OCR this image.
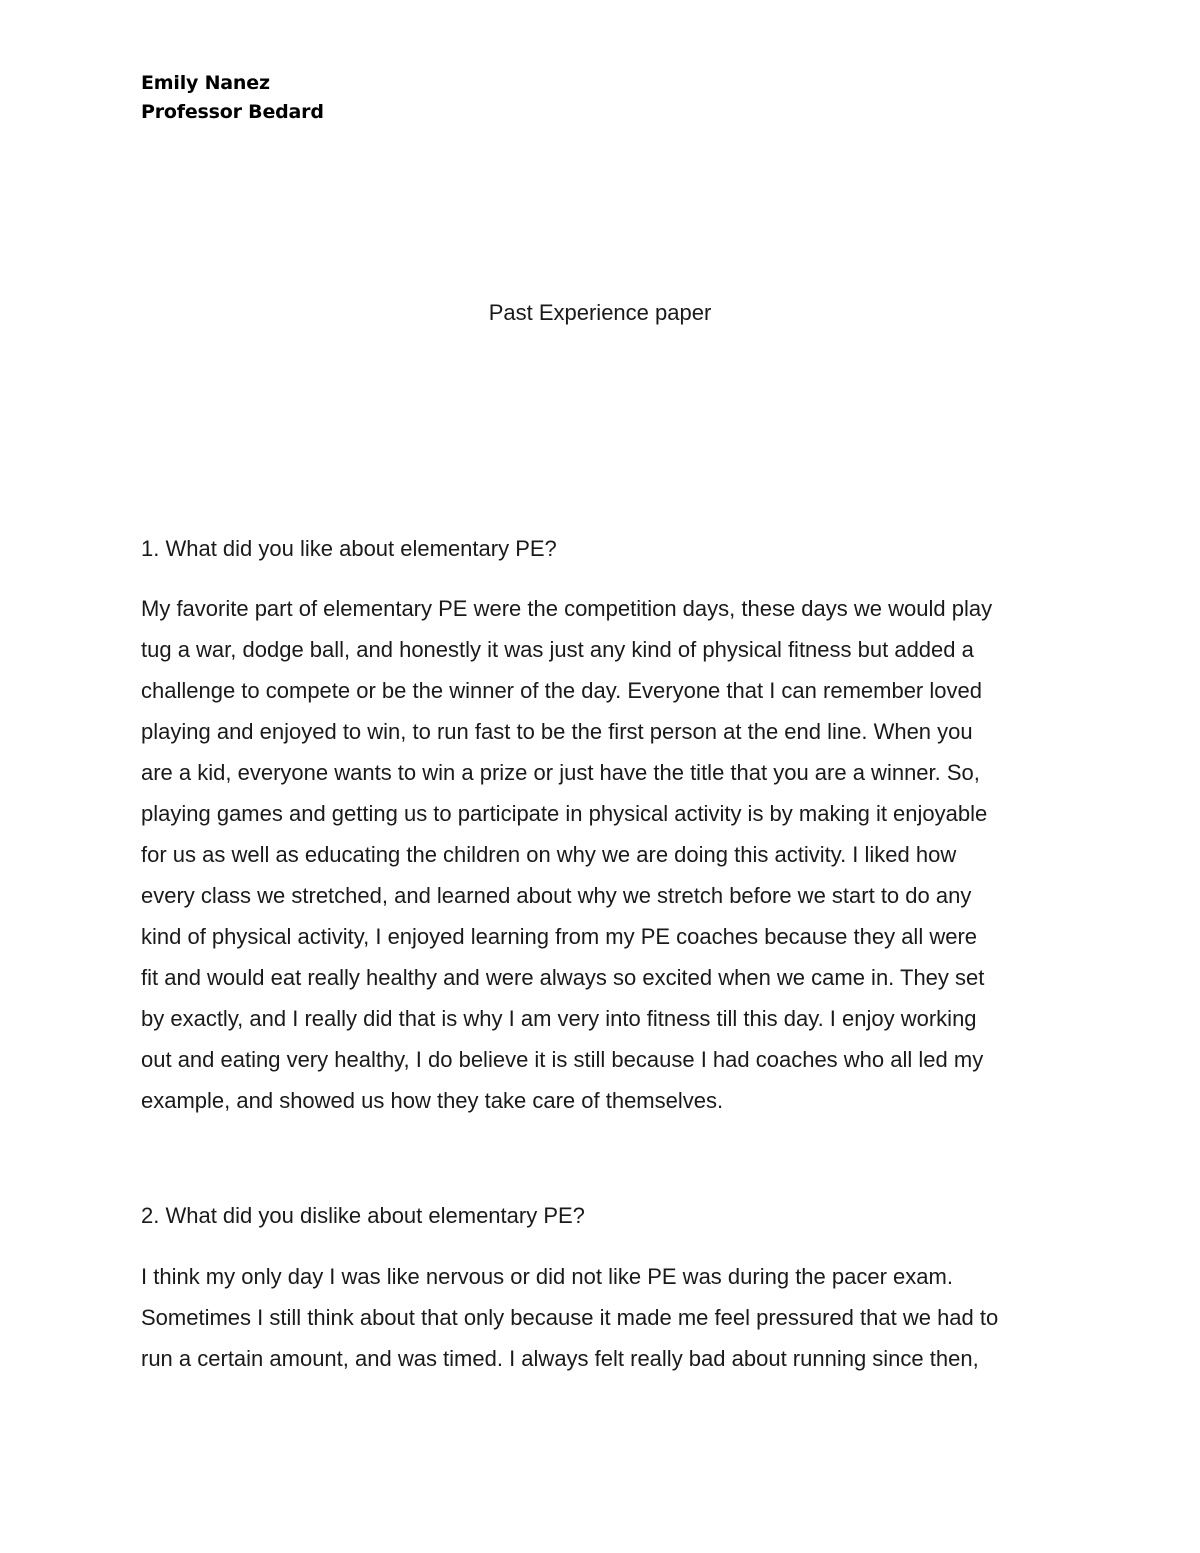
Emily Nanez
Professor Bedard
Past Experience paper
1. What did you like about elementary PE?
My favorite part of elementary PE were the competition days, these days we would play
tug a war, dodge ball, and honestly it was just any kind of physical fitness but added a
challenge to compete or be the winner of the day. Everyone that I can remember loved
playing and enjoyed to win, to run fast to be the first person at the end line. When you
are a kid, everyone wants to win a prize or just have the title that you are a winner. So,
playing games and getting us to participate in physical activity is by making it enjoyable
for us as well as educating the children on why we are doing this activity. I liked how
every class we stretched, and learned about why we stretch before we start to do any
kind of physical activity, I enjoyed learning from my PE coaches because they all were
fit and would eat really healthy and were always so excited when we came in. They set
by exactly, and I really did that is why I am very into fitness till this day. I enjoy working
out and eating very healthy, I do believe it is still because I had coaches who all led my
example, and showed us how they take care of themselves.
2. What did you dislike about elementary PE?
I think my only day I was like nervous or did not like PE was during the pacer exam.
Sometimes I still think about that only because it made me feel pressured that we had to
run a certain amount, and was timed. I always felt really bad about running since then,
